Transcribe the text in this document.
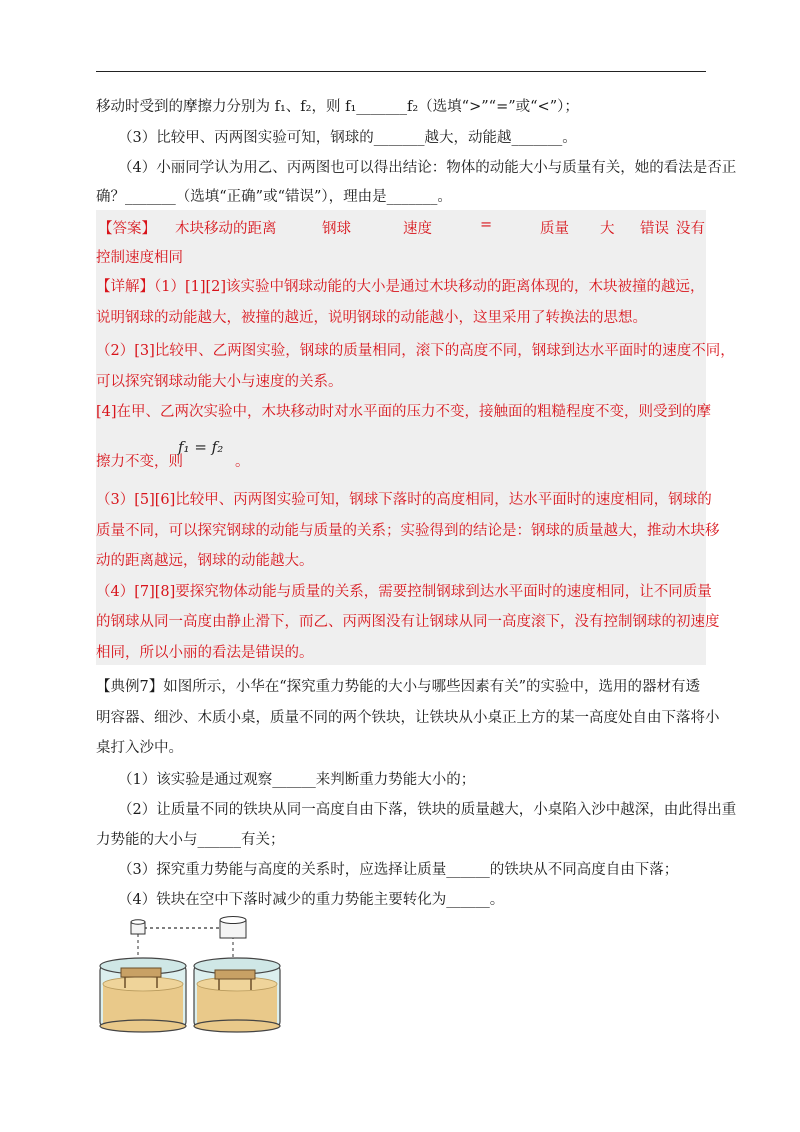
移动时受到的摩擦力分别为 f₁、f₂，则 f₁_______f₂（选填“>”“=”或“<”）；
（3）比较甲、丙两图实验可知，钢球的_______越大，动能越_______。
（4）小丽同学认为用乙、丙两图也可以得出结论：物体的动能大小与质量有关，她的看法是否正
确？_______（选填“正确”或“错误”），理由是_______。
【答案】 木块移动的距离	钢球	速度	=	质量 大 错误 没有
控制速度相同
【详解】（1）[1][2]该实验中钢球动能的大小是通过木块移动的距离体现的，木块被撞的越远，
说明钢球的动能越大，被撞的越近，说明钢球的动能越小，这里采用了转换法的思想。
（2）[3]比较甲、乙两图实验，钢球的质量相同，滚下的高度不同，钢球到达水平面时的速度不同，
可以探究钢球动能大小与速度的关系。
[4]在甲、乙两次实验中，木块移动时对水平面的压力不变，接触面的粗糙程度不变，则受到的摩
f₁ = f₂
擦力不变，则	。
（3）[5][6]比较甲、丙两图实验可知，钢球下落时的高度相同，达水平面时的速度相同，钢球的
质量不同，可以探究钢球的动能与质量的关系；实验得到的结论是：钢球的质量越大，推动木块移
动的距离越远，钢球的动能越大。
（4）[7][8]要探究物体动能与质量的关系，需要控制钢球到达水平面时的速度相同，让不同质量
的钢球从同一高度由静止滑下，而乙、丙两图没有让钢球从同一高度滚下，没有控制钢球的初速度
相同，所以小丽的看法是错误的。
【典例7】如图所示，小华在“探究重力势能的大小与哪些因素有关”的实验中，选用的器材有透
明容器、细沙、木质小桌，质量不同的两个铁块，让铁块从小桌正上方的某一高度处自由下落将小
桌打入沙中。
（1）该实验是通过观察______来判断重力势能大小的；
（2）让质量不同的铁块从同一高度自由下落，铁块的质量越大，小桌陷入沙中越深，由此得出重
力势能的大小与______有关；
（3）探究重力势能与高度的关系时，应选择让质量______的铁块从不同高度自由下落；
（4）铁块在空中下落时减少的重力势能主要转化为______。
